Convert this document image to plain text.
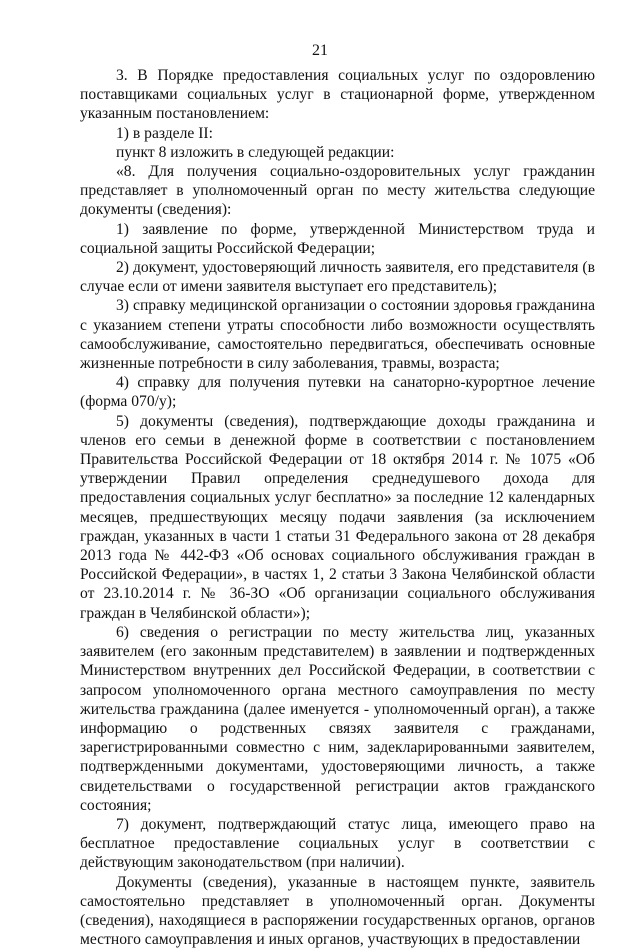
21

3. В Порядке предоставления социальных услуг по оздоровлению поставщиками социальных услуг в стационарной форме, утвержденном указанным постановлением:

1) в разделе II:

пункт 8 изложить в следующей редакции:

«8. Для получения социально-оздоровительных услуг гражданин представляет в уполномоченный орган по месту жительства следующие документы (сведения):

1) заявление по форме, утвержденной Министерством труда и социальной защиты Российской Федерации;

2) документ, удостоверяющий личность заявителя, его представителя (в случае если от имени заявителя выступает его представитель);

3) справку медицинской организации о состоянии здоровья гражданина с указанием степени утраты способности либо возможности осуществлять самообслуживание, самостоятельно передвигаться, обеспечивать основные жизненные потребности в силу заболевания, травмы, возраста;

4) справку для получения путевки на санаторно-курортное лечение (форма 070/у);

5) документы (сведения), подтверждающие доходы гражданина и членов его семьи в денежной форме в соответствии с постановлением Правительства Российской Федерации от 18 октября 2014 г. № 1075 «Об утверждении Правил определения среднедушевого дохода для предоставления социальных услуг бесплатно» за последние 12 календарных месяцев, предшествующих месяцу подачи заявления (за исключением граждан, указанных в части 1 статьи 31 Федерального закона от 28 декабря 2013 года № 442-ФЗ «Об основах социального обслуживания граждан в Российской Федерации», в частях 1, 2 статьи 3 Закона Челябинской области от 23.10.2014 г. № 36-ЗО «Об организации социального обслуживания граждан в Челябинской области»);

6) сведения о регистрации по месту жительства лиц, указанных заявителем (его законным представителем) в заявлении и подтвержденных Министерством внутренних дел Российской Федерации, в соответствии с запросом уполномоченного органа местного самоуправления по месту жительства гражданина (далее именуется - уполномоченный орган), а также информацию о родственных связях заявителя с гражданами, зарегистрированными совместно с ним, задекларированными заявителем, подтвержденными документами, удостоверяющими личность, а также свидетельствами о государственной регистрации актов гражданского состояния;

7) документ, подтверждающий статус лица, имеющего право на бесплатное предоставление социальных услуг в соответствии с действующим законодательством (при наличии).

Документы (сведения), указанные в настоящем пункте, заявитель самостоятельно представляет в уполномоченный орган. Документы (сведения), находящиеся в распоряжении государственных органов, органов местного самоуправления и иных органов, участвующих в предоставлении
